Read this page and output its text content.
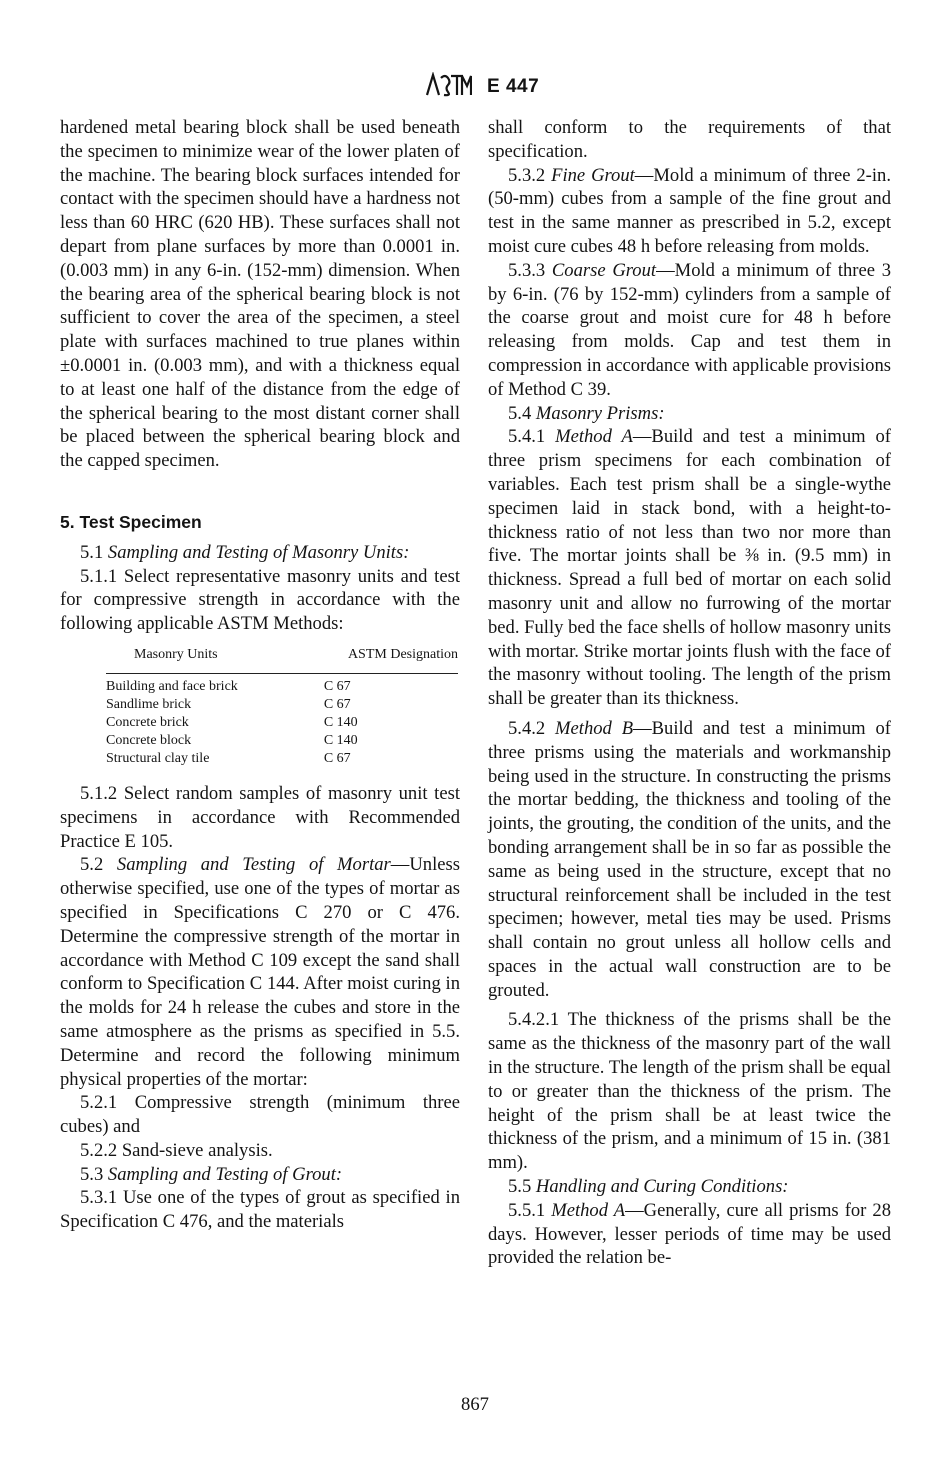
E 447

hardened metal bearing block shall be used beneath the specimen to minimize wear of the lower platen of the machine. The bearing block surfaces intended for contact with the specimen should have a hardness not less than 60 HRC (620 HB). These surfaces shall not depart from plane surfaces by more than 0.0001 in. (0.003 mm) in any 6-in. (152-mm) dimension. When the bearing area of the spherical bearing block is not sufficient to cover the area of the specimen, a steel plate with surfaces machined to true planes within ±0.0001 in. (0.003 mm), and with a thickness equal to at least one half of the distance from the edge of the spherical bearing to the most distant corner shall be placed between the spherical bearing block and the capped specimen.

5. Test Specimen

5.1 Sampling and Testing of Masonry Units:

5.1.1 Select representative masonry units and test for compressive strength in accordance with the following applicable ASTM Methods:

Masonry Units	ASTM Designation
Building and face brick	C 67
Sandlime brick	C 67
Concrete brick	C 140
Concrete block	C 140
Structural clay tile	C 67

5.1.2 Select random samples of masonry unit test specimens in accordance with Recommended Practice E 105.

5.2 Sampling and Testing of Mortar—Unless otherwise specified, use one of the types of mortar as specified in Specifications C 270 or C 476. Determine the compressive strength of the mortar in accordance with Method C 109 except the sand shall conform to Specification C 144. After moist curing in the molds for 24 h release the cubes and store in the same atmosphere as the prisms as specified in 5.5. Determine and record the following minimum physical properties of the mortar:

5.2.1 Compressive strength (minimum three cubes) and

5.2.2 Sand-sieve analysis.

5.3 Sampling and Testing of Grout:

5.3.1 Use one of the types of grout as specified in Specification C 476, and the materials

shall conform to the requirements of that specification.

5.3.2 Fine Grout—Mold a minimum of three 2-in. (50-mm) cubes from a sample of the fine grout and test in the same manner as prescribed in 5.2, except moist cure cubes 48 h before releasing from molds.

5.3.3 Coarse Grout—Mold a minimum of three 3 by 6-in. (76 by 152-mm) cylinders from a sample of the coarse grout and moist cure for 48 h before releasing from molds. Cap and test them in compression in accordance with applicable provisions of Method C 39.

5.4 Masonry Prisms:

5.4.1 Method A—Build and test a minimum of three prism specimens for each combination of variables. Each test prism shall be a single-wythe specimen laid in stack bond, with a height-to-thickness ratio of not less than two nor more than five. The mortar joints shall be ⅜ in. (9.5 mm) in thickness. Spread a full bed of mortar on each solid masonry unit and allow no furrowing of the mortar bed. Fully bed the face shells of hollow masonry units with mortar. Strike mortar joints flush with the face of the masonry without tooling. The length of the prism shall be greater than its thickness.

5.4.2 Method B—Build and test a minimum of three prisms using the materials and workmanship being used in the structure. In constructing the prisms the mortar bedding, the thickness and tooling of the joints, the grouting, the condition of the units, and the bonding arrangement shall be in so far as possible the same as being used in the structure, except that no structural reinforcement shall be included in the test specimen; however, metal ties may be used. Prisms shall contain no grout unless all hollow cells and spaces in the actual wall construction are to be grouted.

5.4.2.1 The thickness of the prisms shall be the same as the thickness of the masonry part of the wall in the structure. The length of the prism shall be equal to or greater than the thickness of the prism. The height of the prism shall be at least twice the thickness of the prism, and a minimum of 15 in. (381 mm).

5.5 Handling and Curing Conditions:

5.5.1 Method A—Generally, cure all prisms for 28 days. However, lesser periods of time may be used provided the relation be-

867
